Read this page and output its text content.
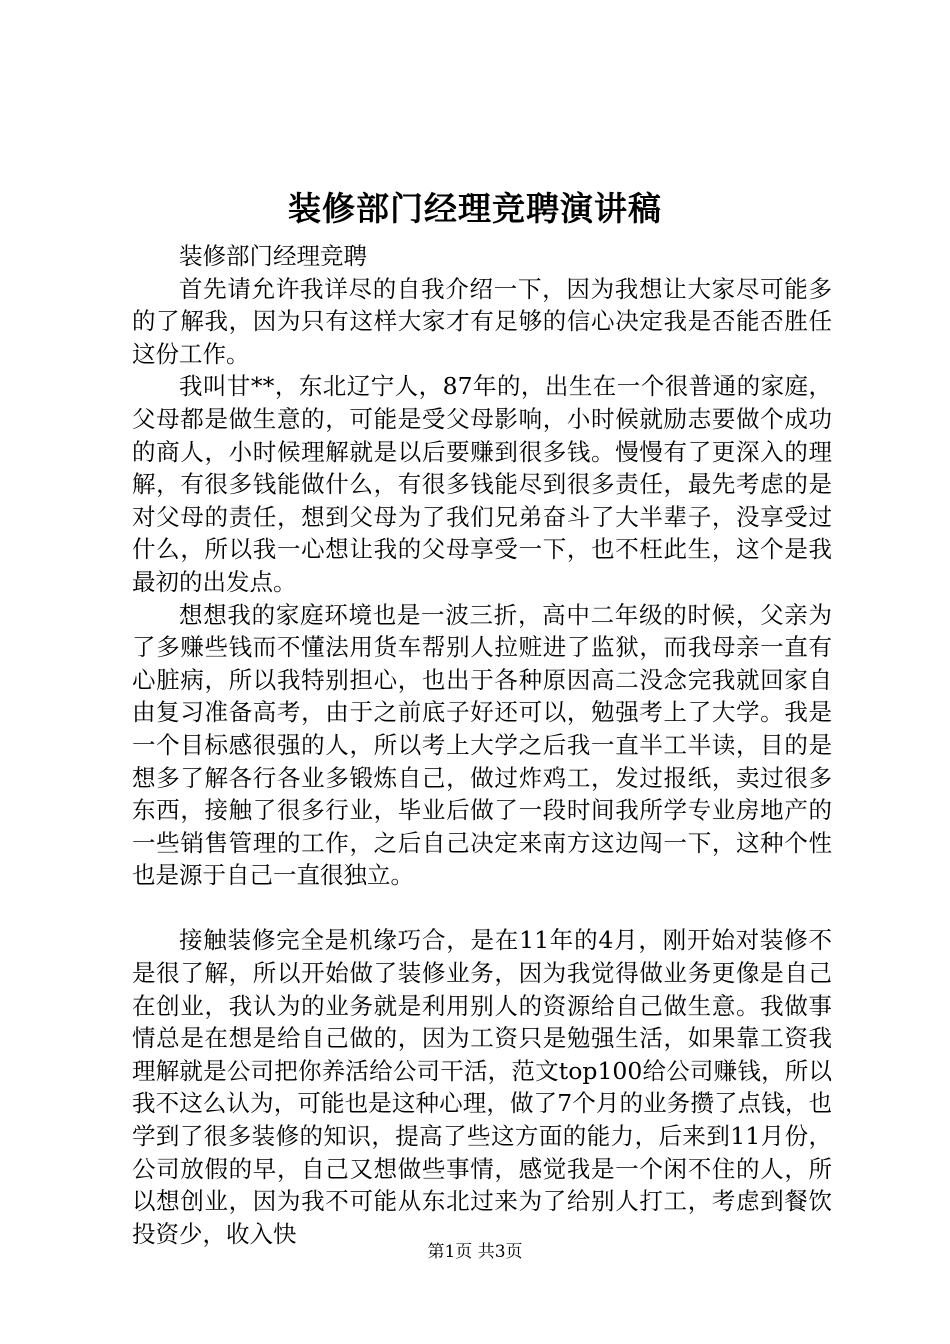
装修部门经理竞聘演讲稿

装修部门经理竞聘

首先请允许我详尽的自我介绍一下，因为我想让大家尽可能多的了解我，因为只有这样大家才有足够的信心决定我是否能否胜任这份工作。

我叫甘**，东北辽宁人，87年的，出生在一个很普通的家庭，父母都是做生意的，可能是受父母影响，小时候就励志要做个成功的商人，小时候理解就是以后要赚到很多钱。慢慢有了更深入的理解，有很多钱能做什么，有很多钱能尽到很多责任，最先考虑的是对父母的责任，想到父母为了我们兄弟奋斗了大半辈子，没享受过什么，所以我一心想让我的父母享受一下，也不枉此生，这个是我最初的出发点。

想想我的家庭环境也是一波三折，高中二年级的时候，父亲为了多赚些钱而不懂法用货车帮别人拉赃进了监狱，而我母亲一直有心脏病，所以我特别担心，也出于各种原因高二没念完我就回家自由复习准备高考，由于之前底子好还可以，勉强考上了大学。我是一个目标感很强的人，所以考上大学之后我一直半工半读，目的是想多了解各行各业多锻炼自己，做过炸鸡工，发过报纸，卖过很多东西，接触了很多行业，毕业后做了一段时间我所学专业房地产的一些销售管理的工作，之后自己决定来南方这边闯一下，这种个性也是源于自己一直很独立。

接触装修完全是机缘巧合，是在11年的4月，刚开始对装修不是很了解，所以开始做了装修业务，因为我觉得做业务更像是自己在创业，我认为的业务就是利用别人的资源给自己做生意。我做事情总是在想是给自己做的，因为工资只是勉强生活，如果靠工资我理解就是公司把你养活给公司干活，范文top100给公司赚钱，所以我不这么认为，可能也是这种心理，做了7个月的业务攒了点钱，也学到了很多装修的知识，提高了些这方面的能力，后来到11月份，公司放假的早，自己又想做些事情，感觉我是一个闲不住的人，所以想创业，因为我不可能从东北过来为了给别人打工，考虑到餐饮投资少，收入快

第1页 共3页
